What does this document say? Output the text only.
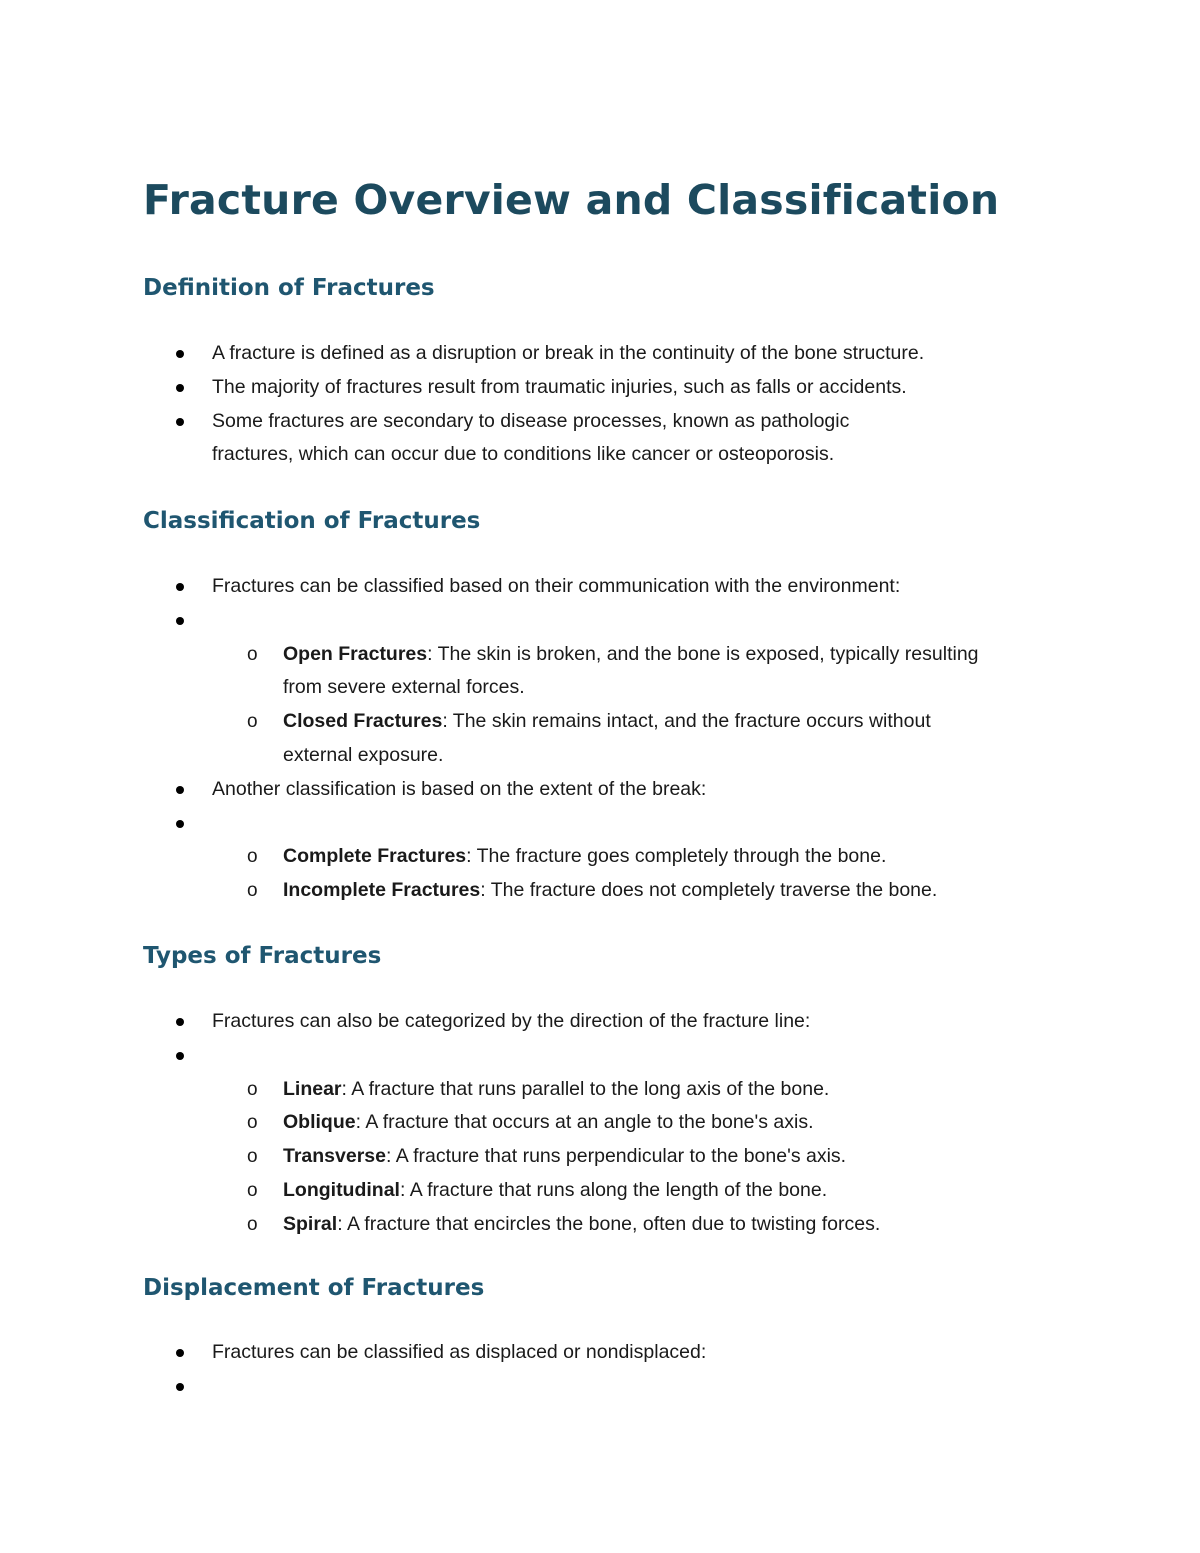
Fracture Overview and Classification
Definition of Fractures
A fracture is defined as a disruption or break in the continuity of the bone structure.
The majority of fractures result from traumatic injuries, such as falls or accidents.
Some fractures are secondary to disease processes, known as pathologic fractures, which can occur due to conditions like cancer or osteoporosis.
Classification of Fractures
Fractures can be classified based on their communication with the environment:
o Open Fractures: The skin is broken, and the bone is exposed, typically resulting from severe external forces.
o Closed Fractures: The skin remains intact, and the fracture occurs without external exposure.
Another classification is based on the extent of the break:
o Complete Fractures: The fracture goes completely through the bone.
o Incomplete Fractures: The fracture does not completely traverse the bone.
Types of Fractures
Fractures can also be categorized by the direction of the fracture line:
o Linear: A fracture that runs parallel to the long axis of the bone.
o Oblique: A fracture that occurs at an angle to the bone's axis.
o Transverse: A fracture that runs perpendicular to the bone's axis.
o Longitudinal: A fracture that runs along the length of the bone.
o Spiral: A fracture that encircles the bone, often due to twisting forces.
Displacement of Fractures
Fractures can be classified as displaced or nondisplaced:
